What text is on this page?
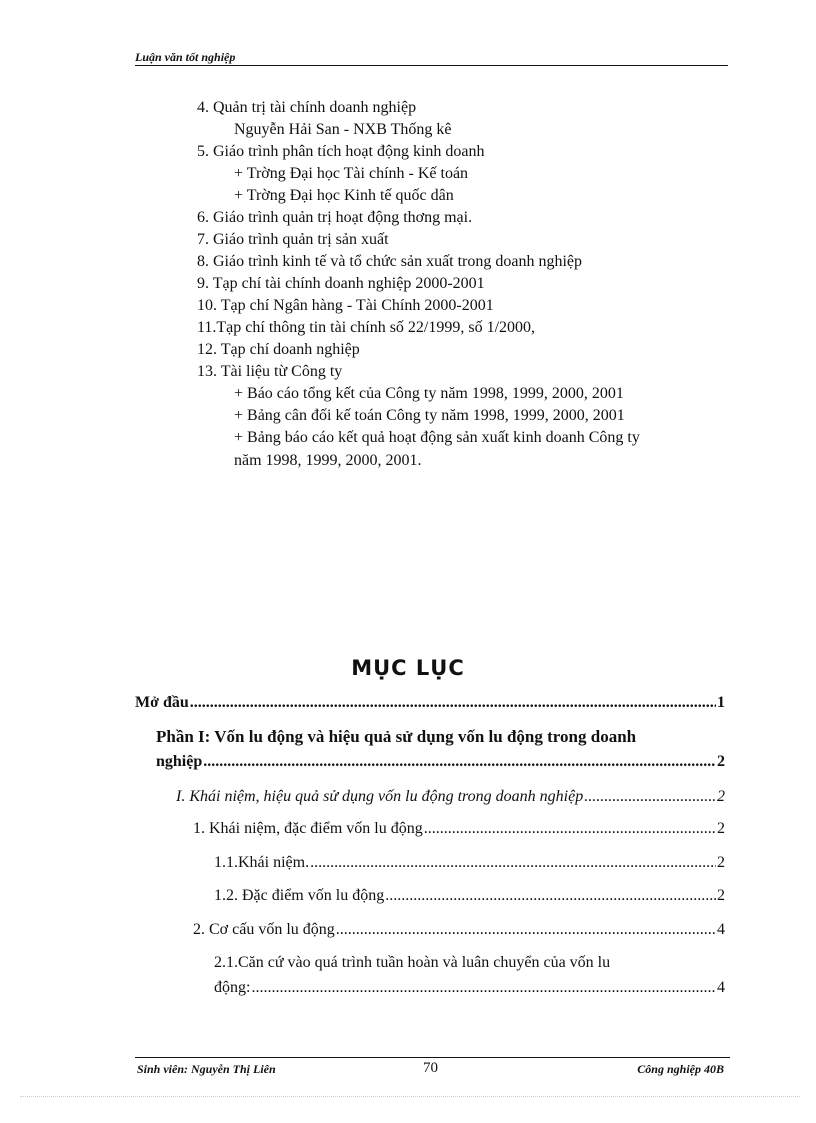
Luận văn tốt nghiệp
4. Quản trị tài chính doanh nghiệp
Nguyễn Hải San - NXB Thống kê
5. Giáo trình phân tích hoạt động kinh doanh
+ Trờng Đại học Tài chính - Kế toán
+ Trờng Đại học Kinh tế quốc dân
6. Giáo trình quản trị hoạt động thơng mại.
7. Giáo trình quản trị sản xuất
8. Giáo trình kinh tế và tổ chức sản xuất trong doanh nghiệp
9. Tạp chí tài chính doanh nghiệp 2000-2001
10. Tạp chí Ngân hàng - Tài Chính 2000-2001
11.Tạp chí thông tin tài chính số 22/1999, số 1/2000,
12. Tạp chí doanh nghiệp
13. Tài liệu từ Công ty
+ Báo cáo tổng kết của Công ty năm 1998, 1999, 2000, 2001
+ Bảng cân đối kế toán Công ty năm 1998, 1999, 2000, 2001
+ Bảng báo cáo kết quả hoạt động sản xuất kinh doanh Công ty
năm 1998, 1999, 2000, 2001.
MỤC LỤC
Mở đầu .....	1
Phần I: Vốn lu động và hiệu quả sử dụng vốn lu động trong doanh
nghiệp .....	2
I. Khái niệm, hiệu quả sử dụng vốn lu động trong doanh nghiệp .....	2
1. Khái niệm, đặc điểm vốn lu động .....	2
1.1.Khái niệm. .....	2
1.2. Đặc điểm vốn lu động .....	2
2. Cơ cấu vốn lu động .....	4
2.1.Căn cứ vào quá trình tuần hoàn và luân chuyển của vốn lu
động: .....	4
Sinh viên: Nguyễn Thị Liên	70	Công nghiệp 40B
